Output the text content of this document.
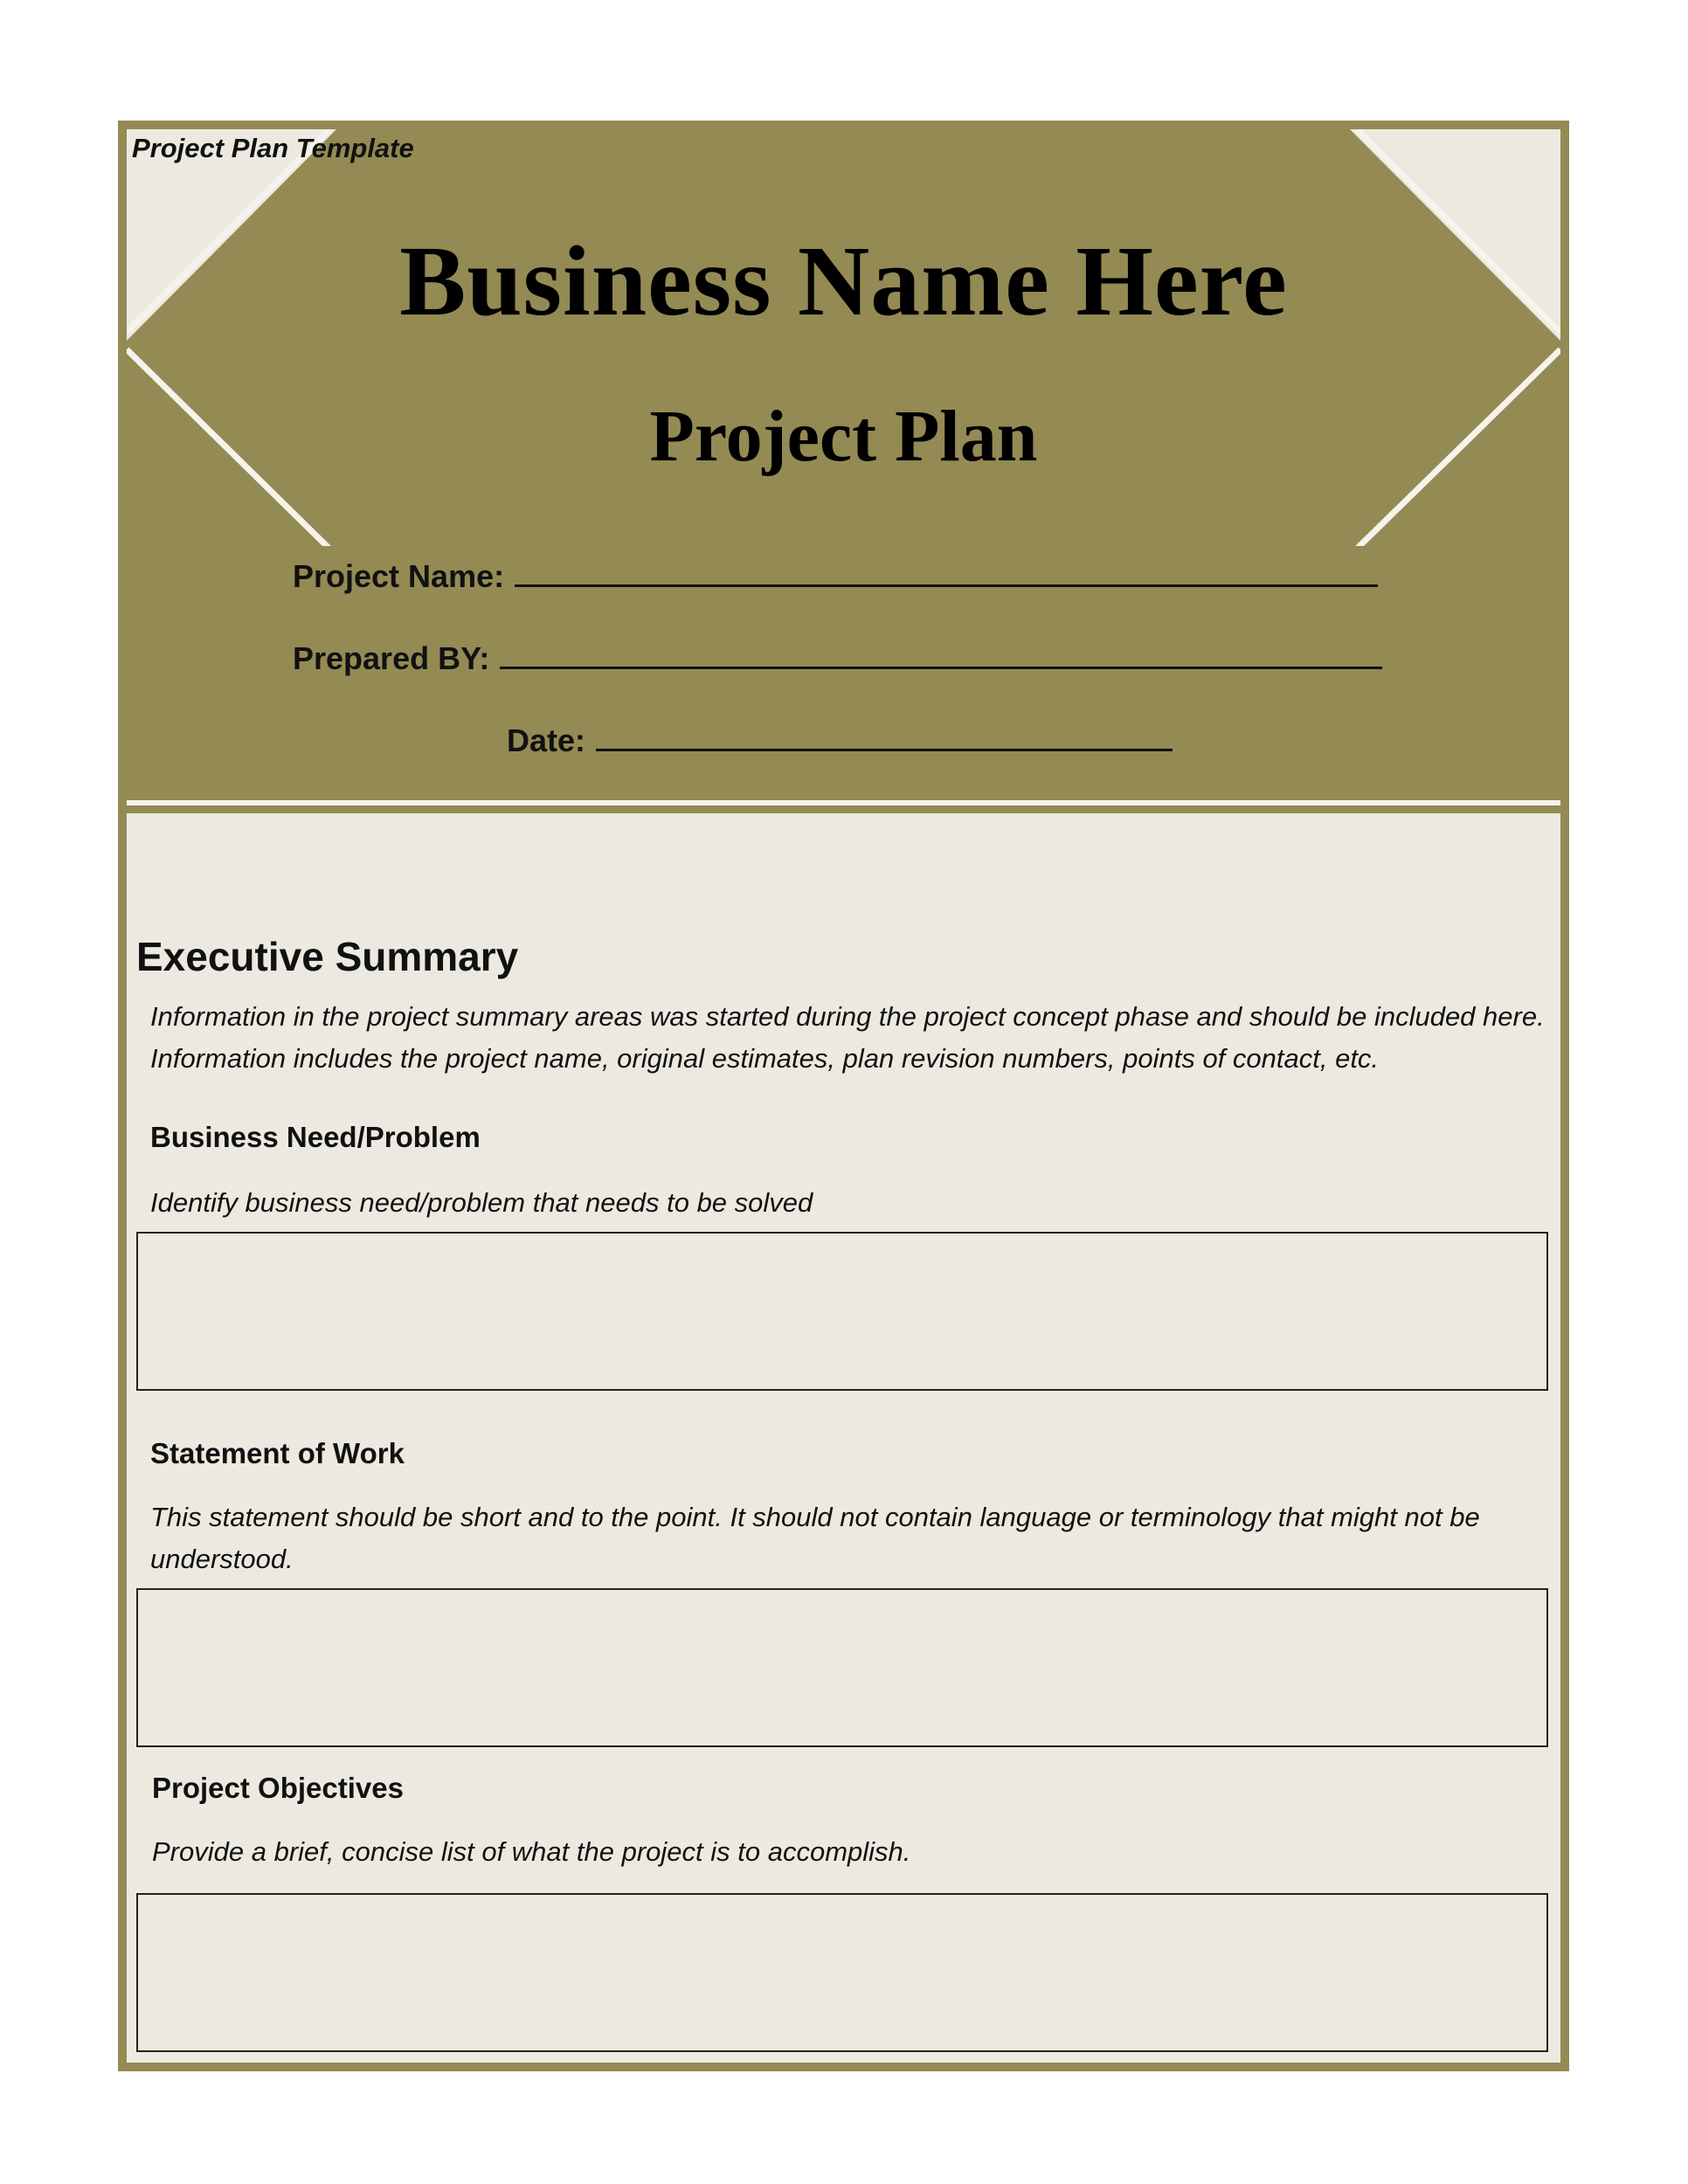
Project Plan Template
Business Name Here
Project Plan
Project Name:
Prepared BY:
Date:
Executive Summary
Information in the project summary areas was started during the project concept phase and should be included here. Information includes the project name, original estimates, plan revision numbers, points of contact, etc.
Business Need/Problem
Identify business need/problem that needs to be solved
Statement of Work
This statement should be short and to the point. It should not contain language or terminology that might not be understood.
Project Objectives
Provide a brief, concise list of what the project is to accomplish.
